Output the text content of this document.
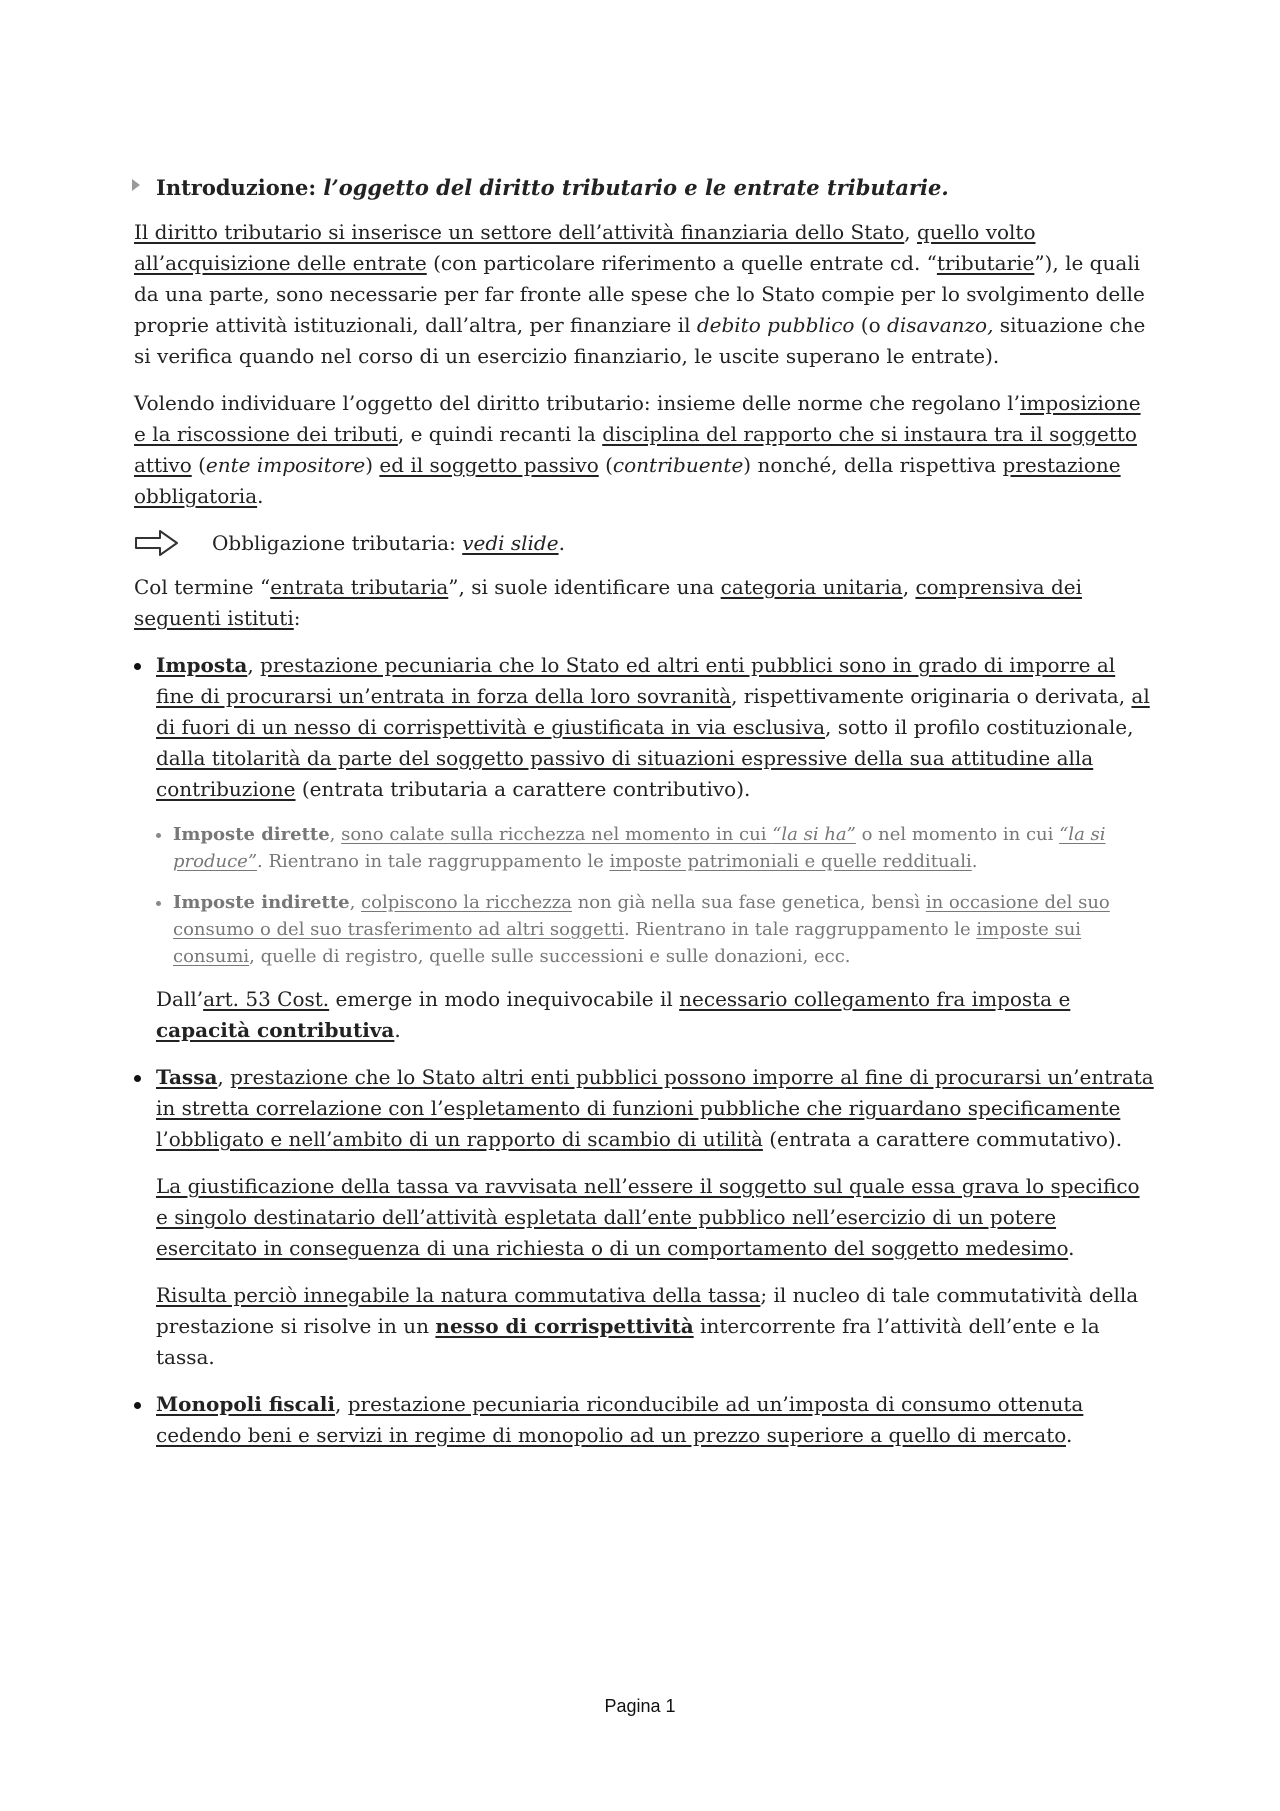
Introduzione: l’oggetto del diritto tributario e le entrate tributarie.

Il diritto tributario si inserisce un settore dell’attività finanziaria dello Stato, quello volto all’acquisizione delle entrate (con particolare riferimento a quelle entrate cd. “tributarie”), le quali da una parte, sono necessarie per far fronte alle spese che lo Stato compie per lo svolgimento delle proprie attività istituzionali, dall’altra, per finanziare il debito pubblico (o disavanzo, situazione che si verifica quando nel corso di un esercizio finanziario, le uscite superano le entrate).

Volendo individuare l’oggetto del diritto tributario: insieme delle norme che regolano l’imposizione e la riscossione dei tributi, e quindi recanti la disciplina del rapporto che si instaura tra il soggetto attivo (ente impositore) ed il soggetto passivo (contribuente) nonché, della rispettiva prestazione obbligatoria.

Obbligazione tributaria: vedi slide.

Col termine “entrata tributaria”, si suole identificare una categoria unitaria, comprensiva dei seguenti istituti:

Imposta, prestazione pecuniaria che lo Stato ed altri enti pubblici sono in grado di imporre al fine di procurarsi un’entrata in forza della loro sovranità, rispettivamente originaria o derivata, al di fuori di un nesso di corrispettività e giustificata in via esclusiva, sotto il profilo costituzionale, dalla titolarità da parte del soggetto passivo di situazioni espressive della sua attitudine alla contribuzione (entrata tributaria a carattere contributivo).
Imposte dirette, sono calate sulla ricchezza nel momento in cui “la si ha” o nel momento in cui “la si produce”. Rientrano in tale raggruppamento le imposte patrimoniali e quelle reddituali.
Imposte indirette, colpiscono la ricchezza non già nella sua fase genetica, bensì in occasione del suo consumo o del suo trasferimento ad altri soggetti. Rientrano in tale raggruppamento le imposte sui consumi, quelle di registro, quelle sulle successioni e sulle donazioni, ecc.

Dall’art. 53 Cost. emerge in modo inequivocabile il necessario collegamento fra imposta e capacità contributiva.

Tassa, prestazione che lo Stato altri enti pubblici possono imporre al fine di procurarsi un’entrata in stretta correlazione con l’espletamento di funzioni pubbliche che riguardano specificamente l’obbligato e nell’ambito di un rapporto di scambio di utilità (entrata a carattere commutativo).

La giustificazione della tassa va ravvisata nell’essere il soggetto sul quale essa grava lo specifico e singolo destinatario dell’attività espletata dall’ente pubblico nell’esercizio di un potere esercitato in conseguenza di una richiesta o di un comportamento del soggetto medesimo.

Risulta perciò innegabile la natura commutativa della tassa; il nucleo di tale commutatività della prestazione si risolve in un nesso di corrispettività intercorrente fra l’attività dell’ente e la tassa.

Monopoli fiscali, prestazione pecuniaria riconducibile ad un’imposta di consumo ottenuta cedendo beni e servizi in regime di monopolio ad un prezzo superiore a quello di mercato.
Pagina 1
